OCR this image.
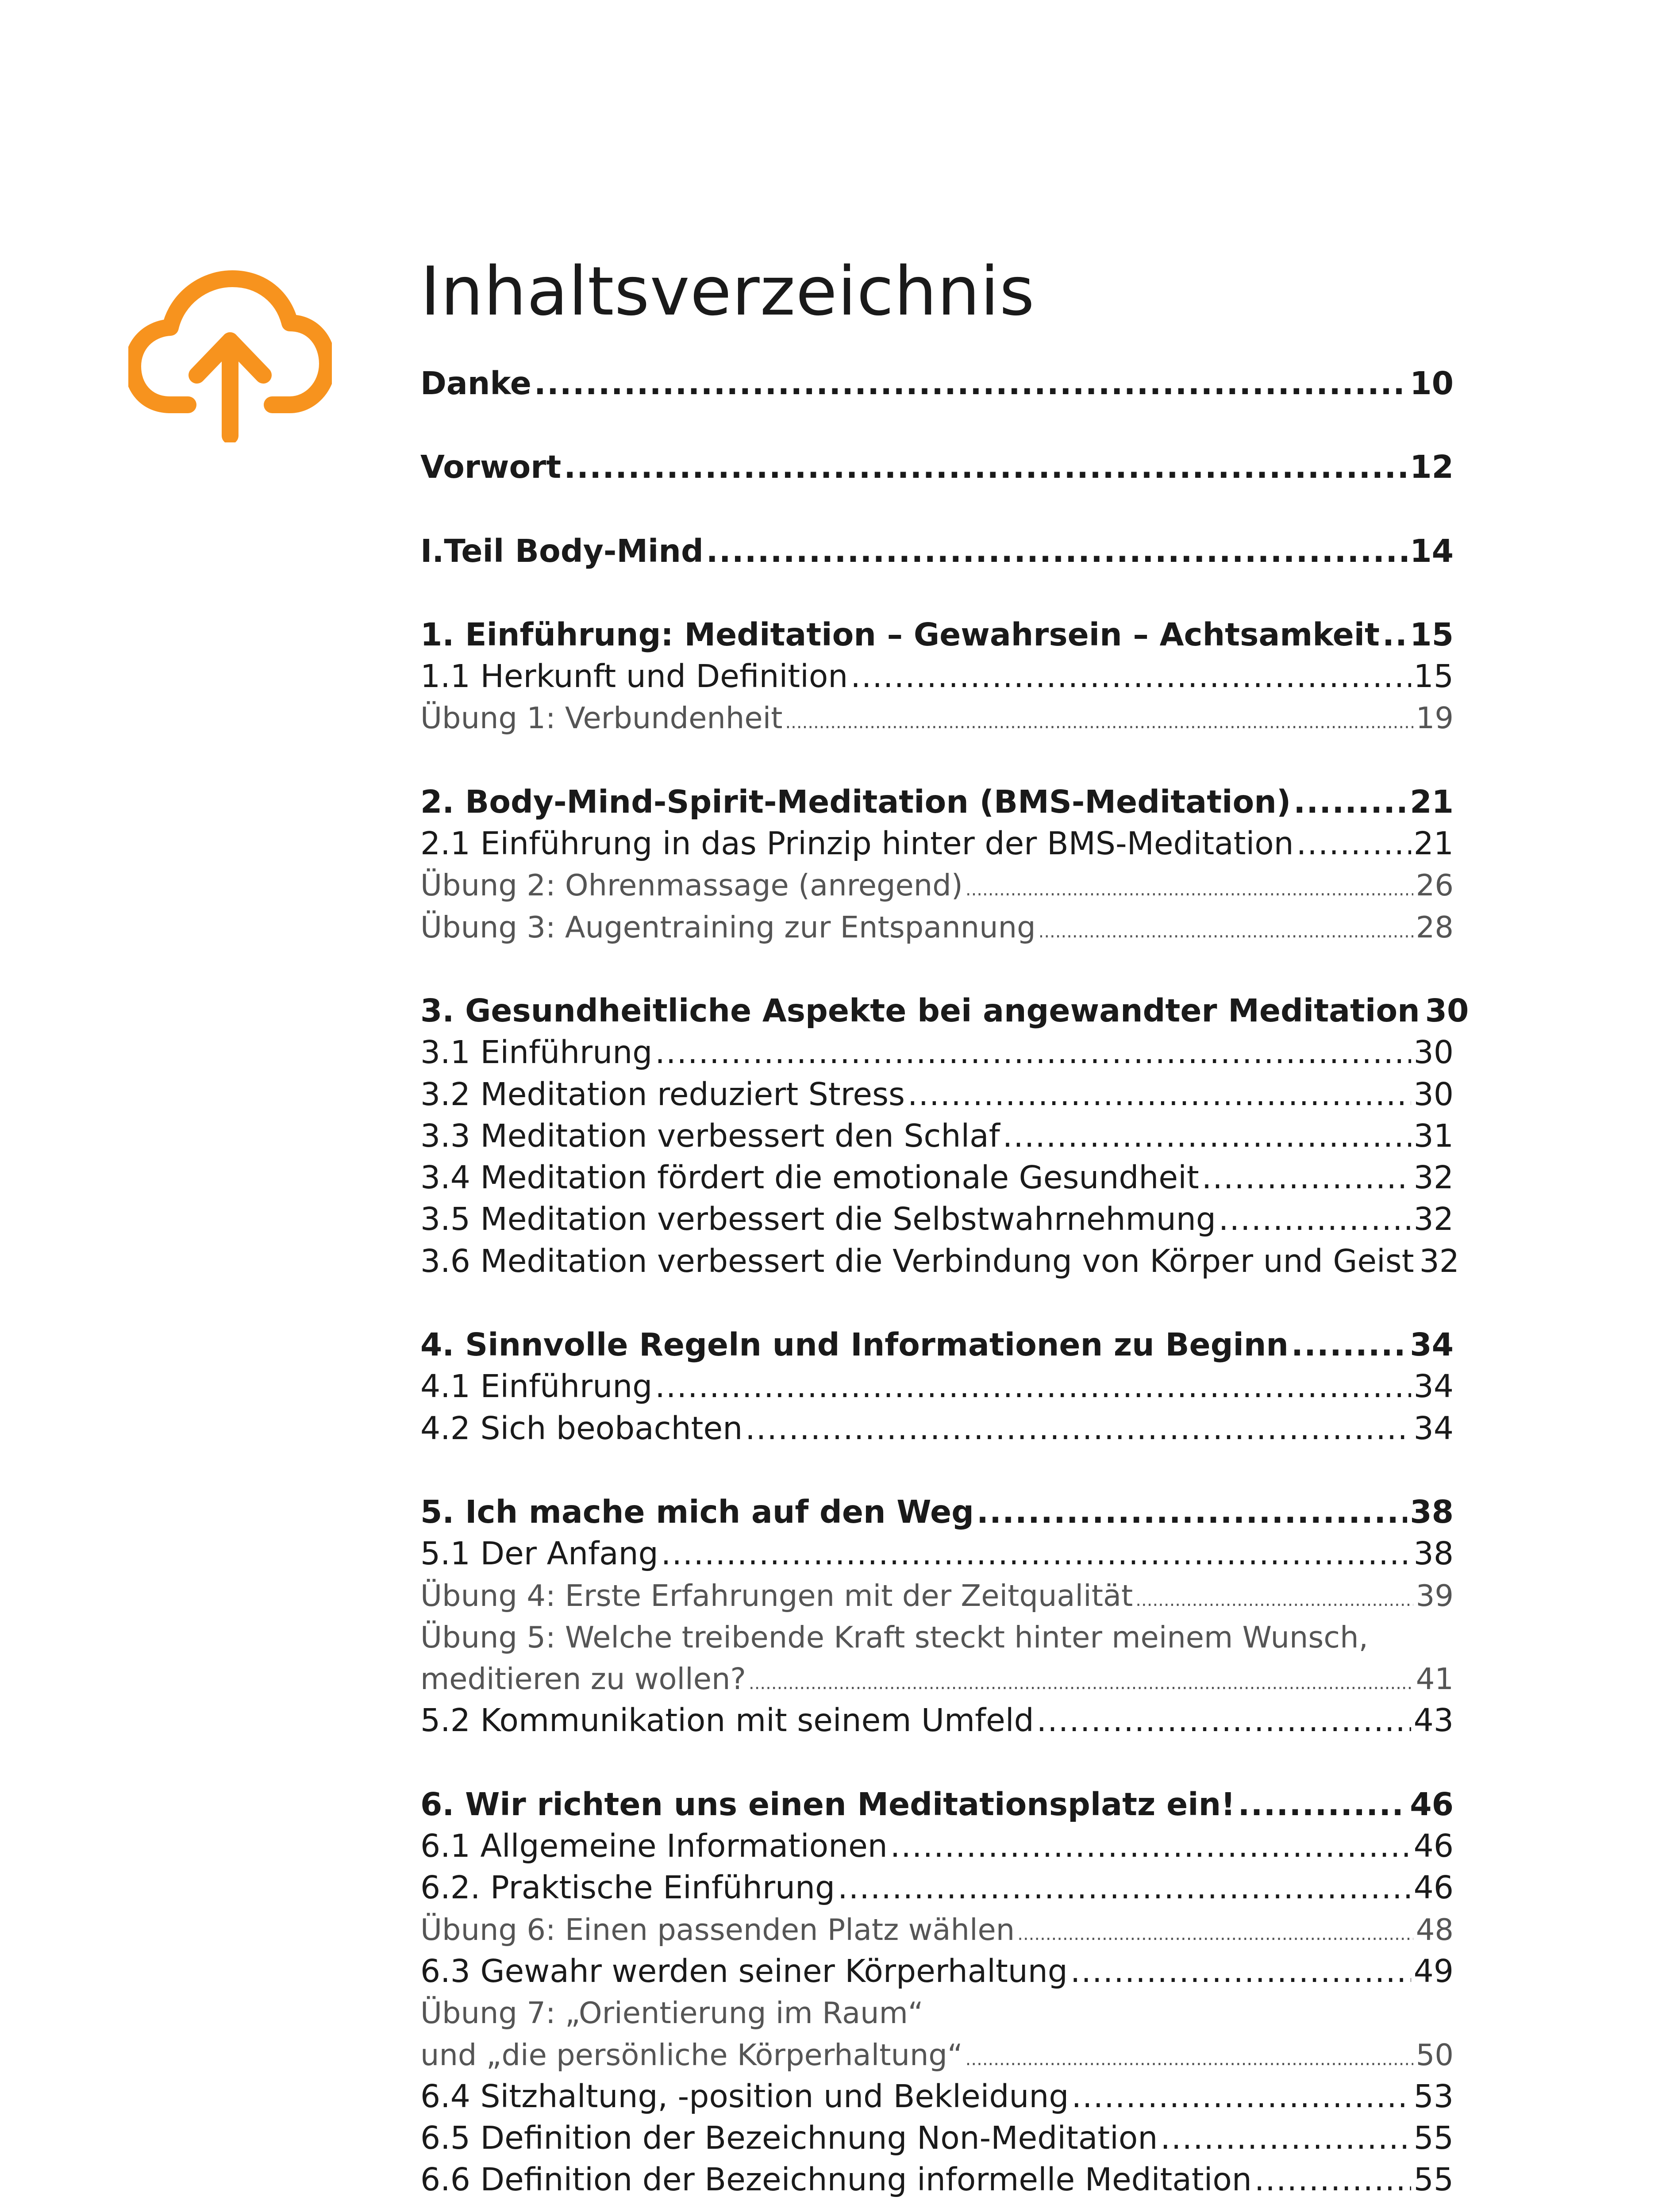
Inhaltsverzeichnis
Danke .....	10
Vorwort .....	12
I.Teil Body-Mind .....	14
1. Einführung: Meditation – Gewahrsein – Achtsamkeit ..... 15
1.1 Herkunft und Definition .....	15
Übung 1: Verbundenheit .....	19
2. Body-Mind-Spirit-Meditation (BMS-Meditation) .....	21
2.1 Einführung in das Prinzip hinter der BMS-Meditation .....	21
Übung 2: Ohrenmassage (anregend) .....	26
Übung 3: Augentraining zur Entspannung .....	28
3. Gesundheitliche Aspekte bei angewandter Meditation 30
3.1 Einführung .....	30
3.2 Meditation reduziert Stress .....	30
3.3 Meditation verbessert den Schlaf .....	31
3.4 Meditation fördert die emotionale Gesundheit .....	32
3.5 Meditation verbessert die Selbstwahrnehmung .....	32
3.6 Meditation verbessert die Verbindung von Körper und Geist 32
4. Sinnvolle Regeln und Informationen zu Beginn .....	34
4.1 Einführung .....	34
4.2 Sich beobachten .....	34
5. Ich mache mich auf den Weg .....	38
5.1 Der Anfang .....	38
Übung 4: Erste Erfahrungen mit der Zeitqualität .....	39
Übung 5: Welche treibende Kraft steckt hinter meinem Wunsch,
meditieren zu wollen? .....	41
5.2 Kommunikation mit seinem Umfeld .....	43
6. Wir richten uns einen Meditationsplatz ein! .....	46
6.1 Allgemeine Informationen .....	46
6.2. Praktische Einführung .....	46
Übung 6: Einen passenden Platz wählen .....	48
6.3 Gewahr werden seiner Körperhaltung .....	49
Übung 7: „Orientierung im Raum“
und „die persönliche Körperhaltung“ .....	50
6.4 Sitzhaltung, -position und Bekleidung .....	53
6.5 Definition der Bezeichnung Non-Meditation .....	55
6.6 Definition der Bezeichnung informelle Meditation .....	55
